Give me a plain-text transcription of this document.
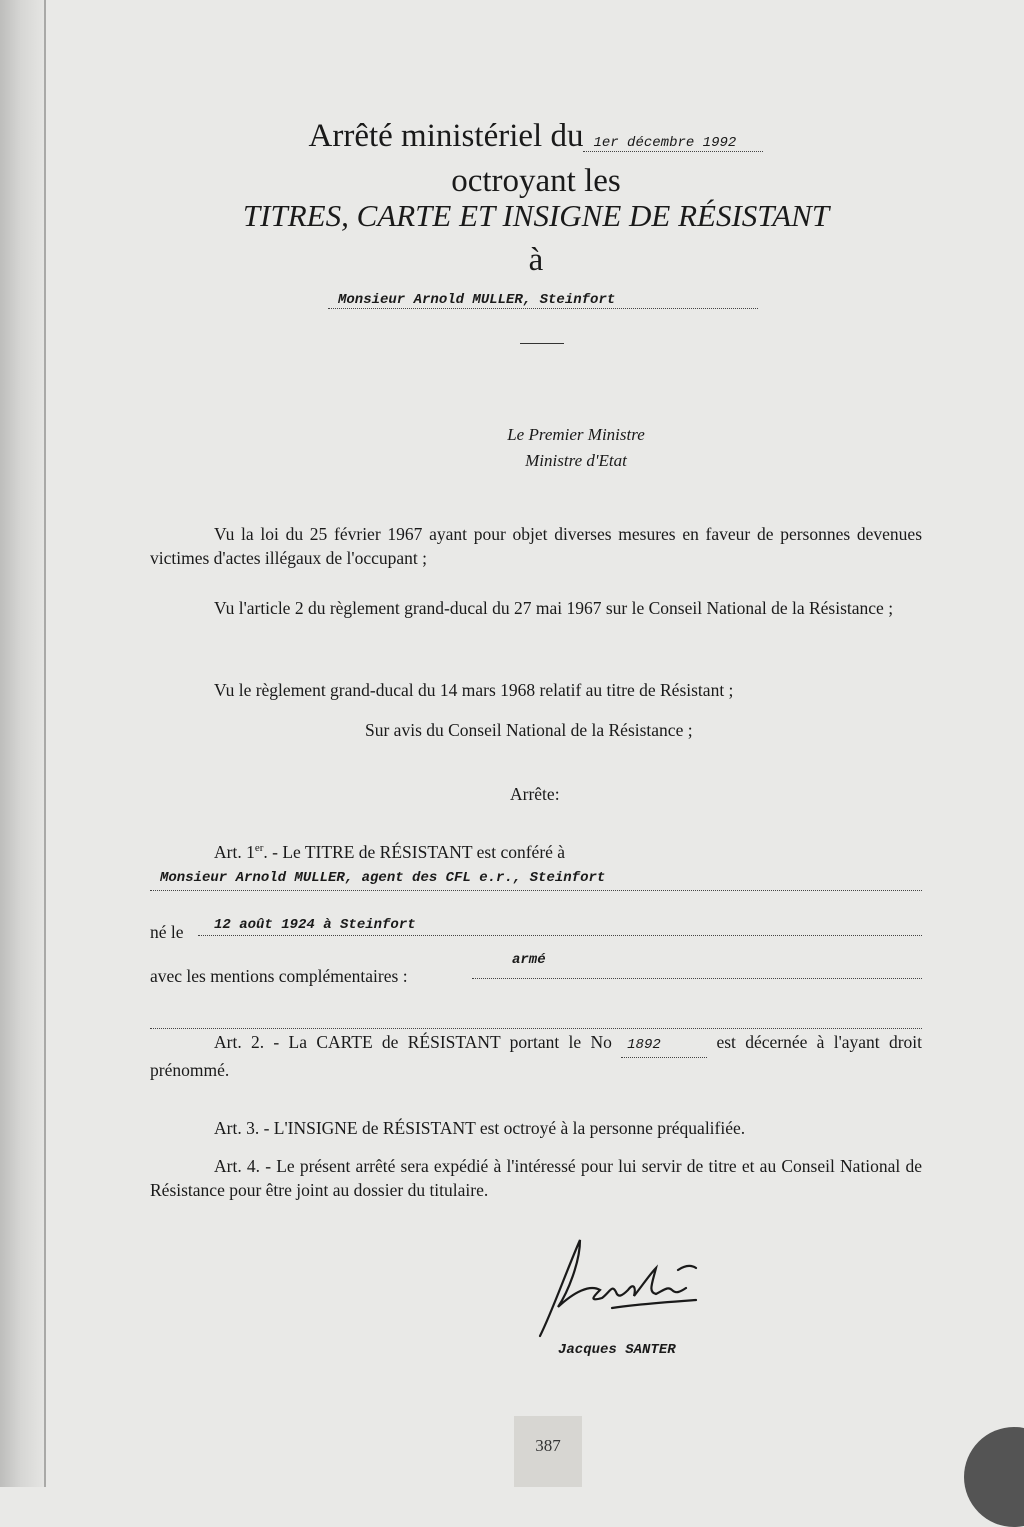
Arrêté ministériel du 1er décembre 1992
octroyant les
TITRES, CARTE ET INSIGNE DE RÉSISTANT
à
Monsieur Arnold MULLER, Steinfort
Le Premier Ministre
Ministre d'Etat
Vu la loi du 25 février 1967 ayant pour objet diverses mesures en faveur de personnes devenues victimes d'actes illégaux de l'occupant ;
Vu l'article 2 du règlement grand-ducal du 27 mai 1967 sur le Conseil National de la Résistance ;
Vu le règlement grand-ducal du 14 mars 1968 relatif au titre de Résistant ;
Sur avis du Conseil National de la Résistance ;
Arrête:
Art. 1er. - Le TITRE de RÉSISTANT est conféré à
Monsieur Arnold MULLER, agent des CFL e.r., Steinfort
né le 12 août 1924 à Steinfort
avec les mentions complémentaires :
armé
Art. 2. - La CARTE de RÉSISTANT portant le No 1892	est décernée à l'ayant droit prénommé.
Art. 3. - L'INSIGNE de RÉSISTANT est octroyé à la personne préqualifiée.
Art. 4. - Le présent arrêté sera expédié à l'intéressé pour lui servir de titre et au Conseil National de Résistance pour être joint au dossier du titulaire.
Jacques SANTER
387
